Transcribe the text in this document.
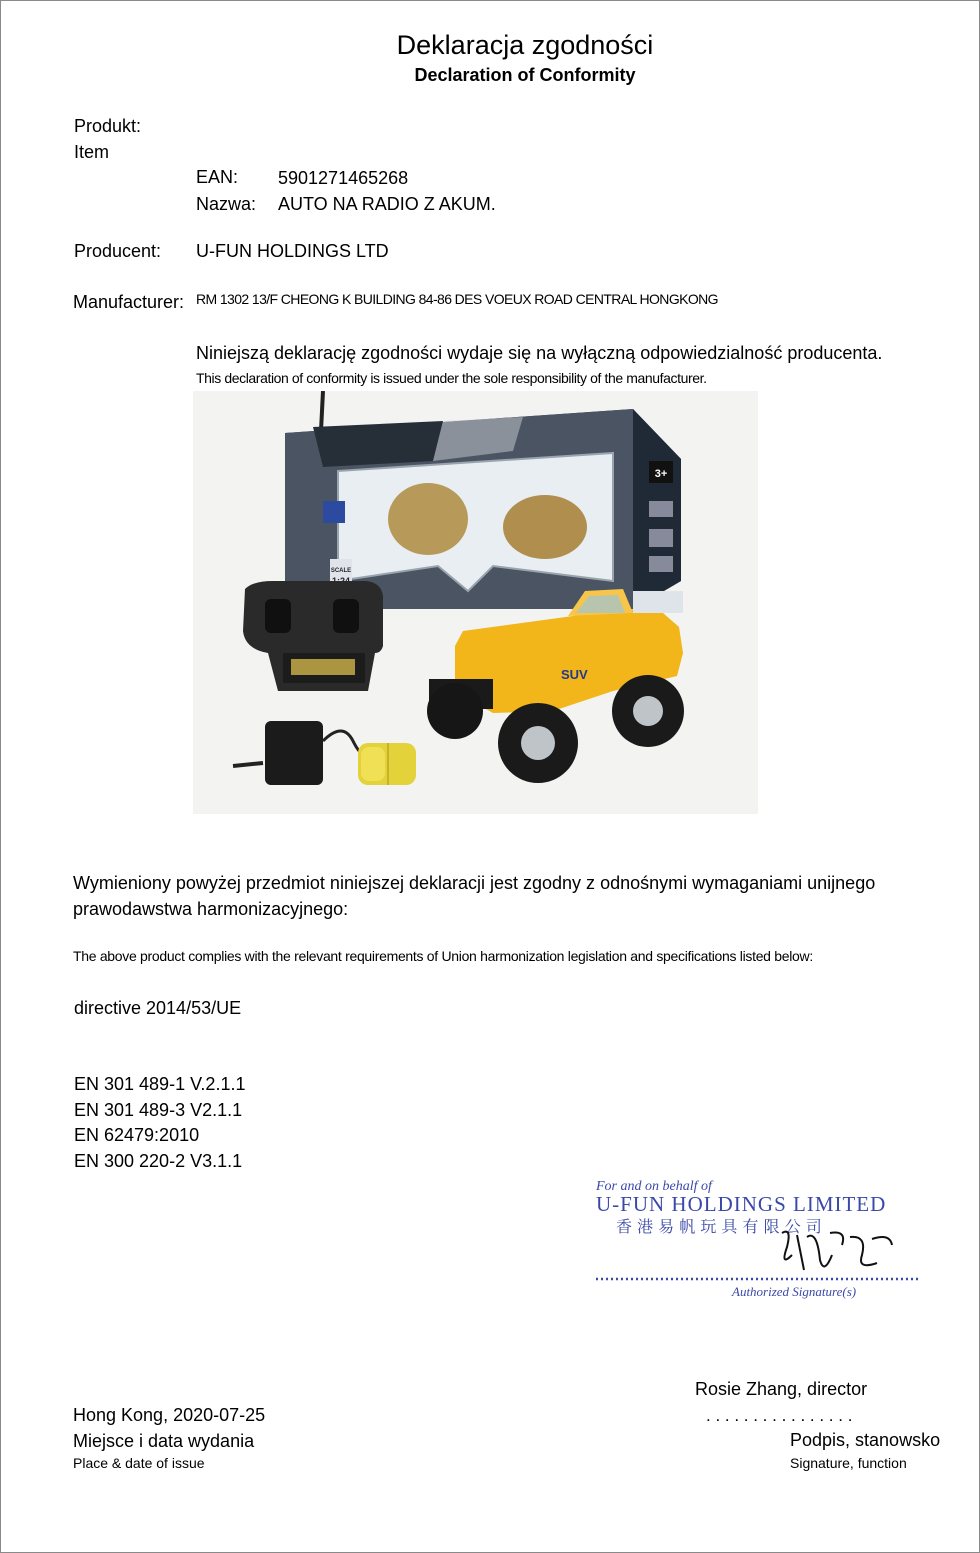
Deklaracja zgodności
Declaration of Conformity
Produkt:
Item
EAN: 5901271465268
Nazwa: AUTO NA RADIO Z AKUM.
Producent: U-FUN HOLDINGS LTD
Manufacturer: RM 1302 13/F CHEONG K BUILDING 84-86 DES VOEUX ROAD CENTRAL HONGKONG
Niniejszą deklarację zgodności wydaje się na wyłączną odpowiedzialność producenta.
This declaration of conformity is issued under the sole responsibility of the manufacturer.
3+
SCALE
SUV
Wymieniony powyżej przedmiot niniejszej deklaracji jest zgodny z odnośnymi wymaganiami unijnego
prawodawstwa harmonizacyjnego:
The above product complies with the relevant requirements of Union harmonization legislation and specifications listed below:
directive 2014/53/UE
EN 301 489-1 V.2.1.1
EN 301 489-3 V2.1.1
EN 62479:2010
EN 300 220-2 V3.1.1
For and on behalf of
U-FUN HOLDINGS LIMITED
香 港 易 帆 玩 具 有 限 公 司
Authorized Signature(s)
Rosie Zhang, director
Hong Kong, 2020-07-25	. . . . . . . . . . . . . . . .
Miejsce i data wydania	Podpis, stanowsko
Place & date of issue	Signature, function
